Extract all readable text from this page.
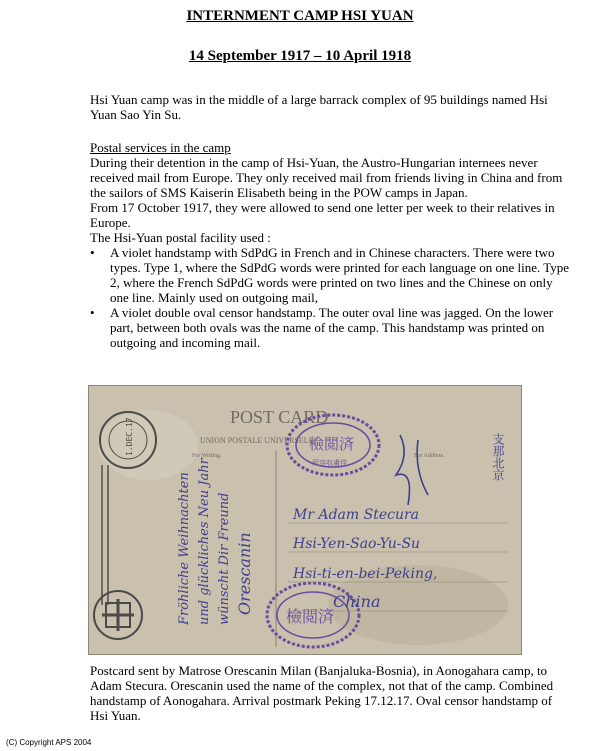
INTERNMENT CAMP HSI YUAN
14 September 1917 – 10 April 1918

Hsi Yuan camp was in the middle of a large barrack complex of 95 buildings named Hsi Yuan Sao Yin Su.

Postal services in the camp
During their detention in the camp of Hsi-Yuan, the Austro-Hungarian internees never received mail from Europe. They only received mail from friends living in China and from the sailors of SMS Kaiserin Elisabeth being in the POW camps in Japan.
From 17 October 1917, they were allowed to send one letter per week to their relatives in Europe.
The Hsi-Yuan postal facility used :
• A violet handstamp with SdPdG in French and in Chinese characters. There were two types. Type 1, where the SdPdG words were printed for each language on one line. Type 2, where the French SdPdG words were printed on two lines and the Chinese on only one line. Mainly used on outgoing mail,
• A violet double oval censor handstamp. The outer oval line was jagged. On the lower part, between both ovals was the name of the camp. This handstamp was printed on outgoing and incoming mail.
POST CARD
UNION POSTALE UNIVERSELLE
For Writing.	For Address.
Fröhliche Weihnachten und glückliches Neu Jahr wünscht Dir Freund Orescanin
1.DEC.17	檢閲済
所容収虜俘
檢閲済
支那北京
Mr Adam Stecura
Hsi-Yen-Sao-Yu-Su
Hsi-ti-en-bei-Peking,
China

Postcard sent by Matrose Orescanin Milan (Banjaluka-Bosnia), in Aonogahara camp, to Adam Stecura. Orescanin used the name of the complex, not that of the camp. Combined handstamp of Aonogahara. Arrival postmark Peking 17.12.17. Oval censor handstamp of Hsi Yuan.

(C) Copyright APS 2004
